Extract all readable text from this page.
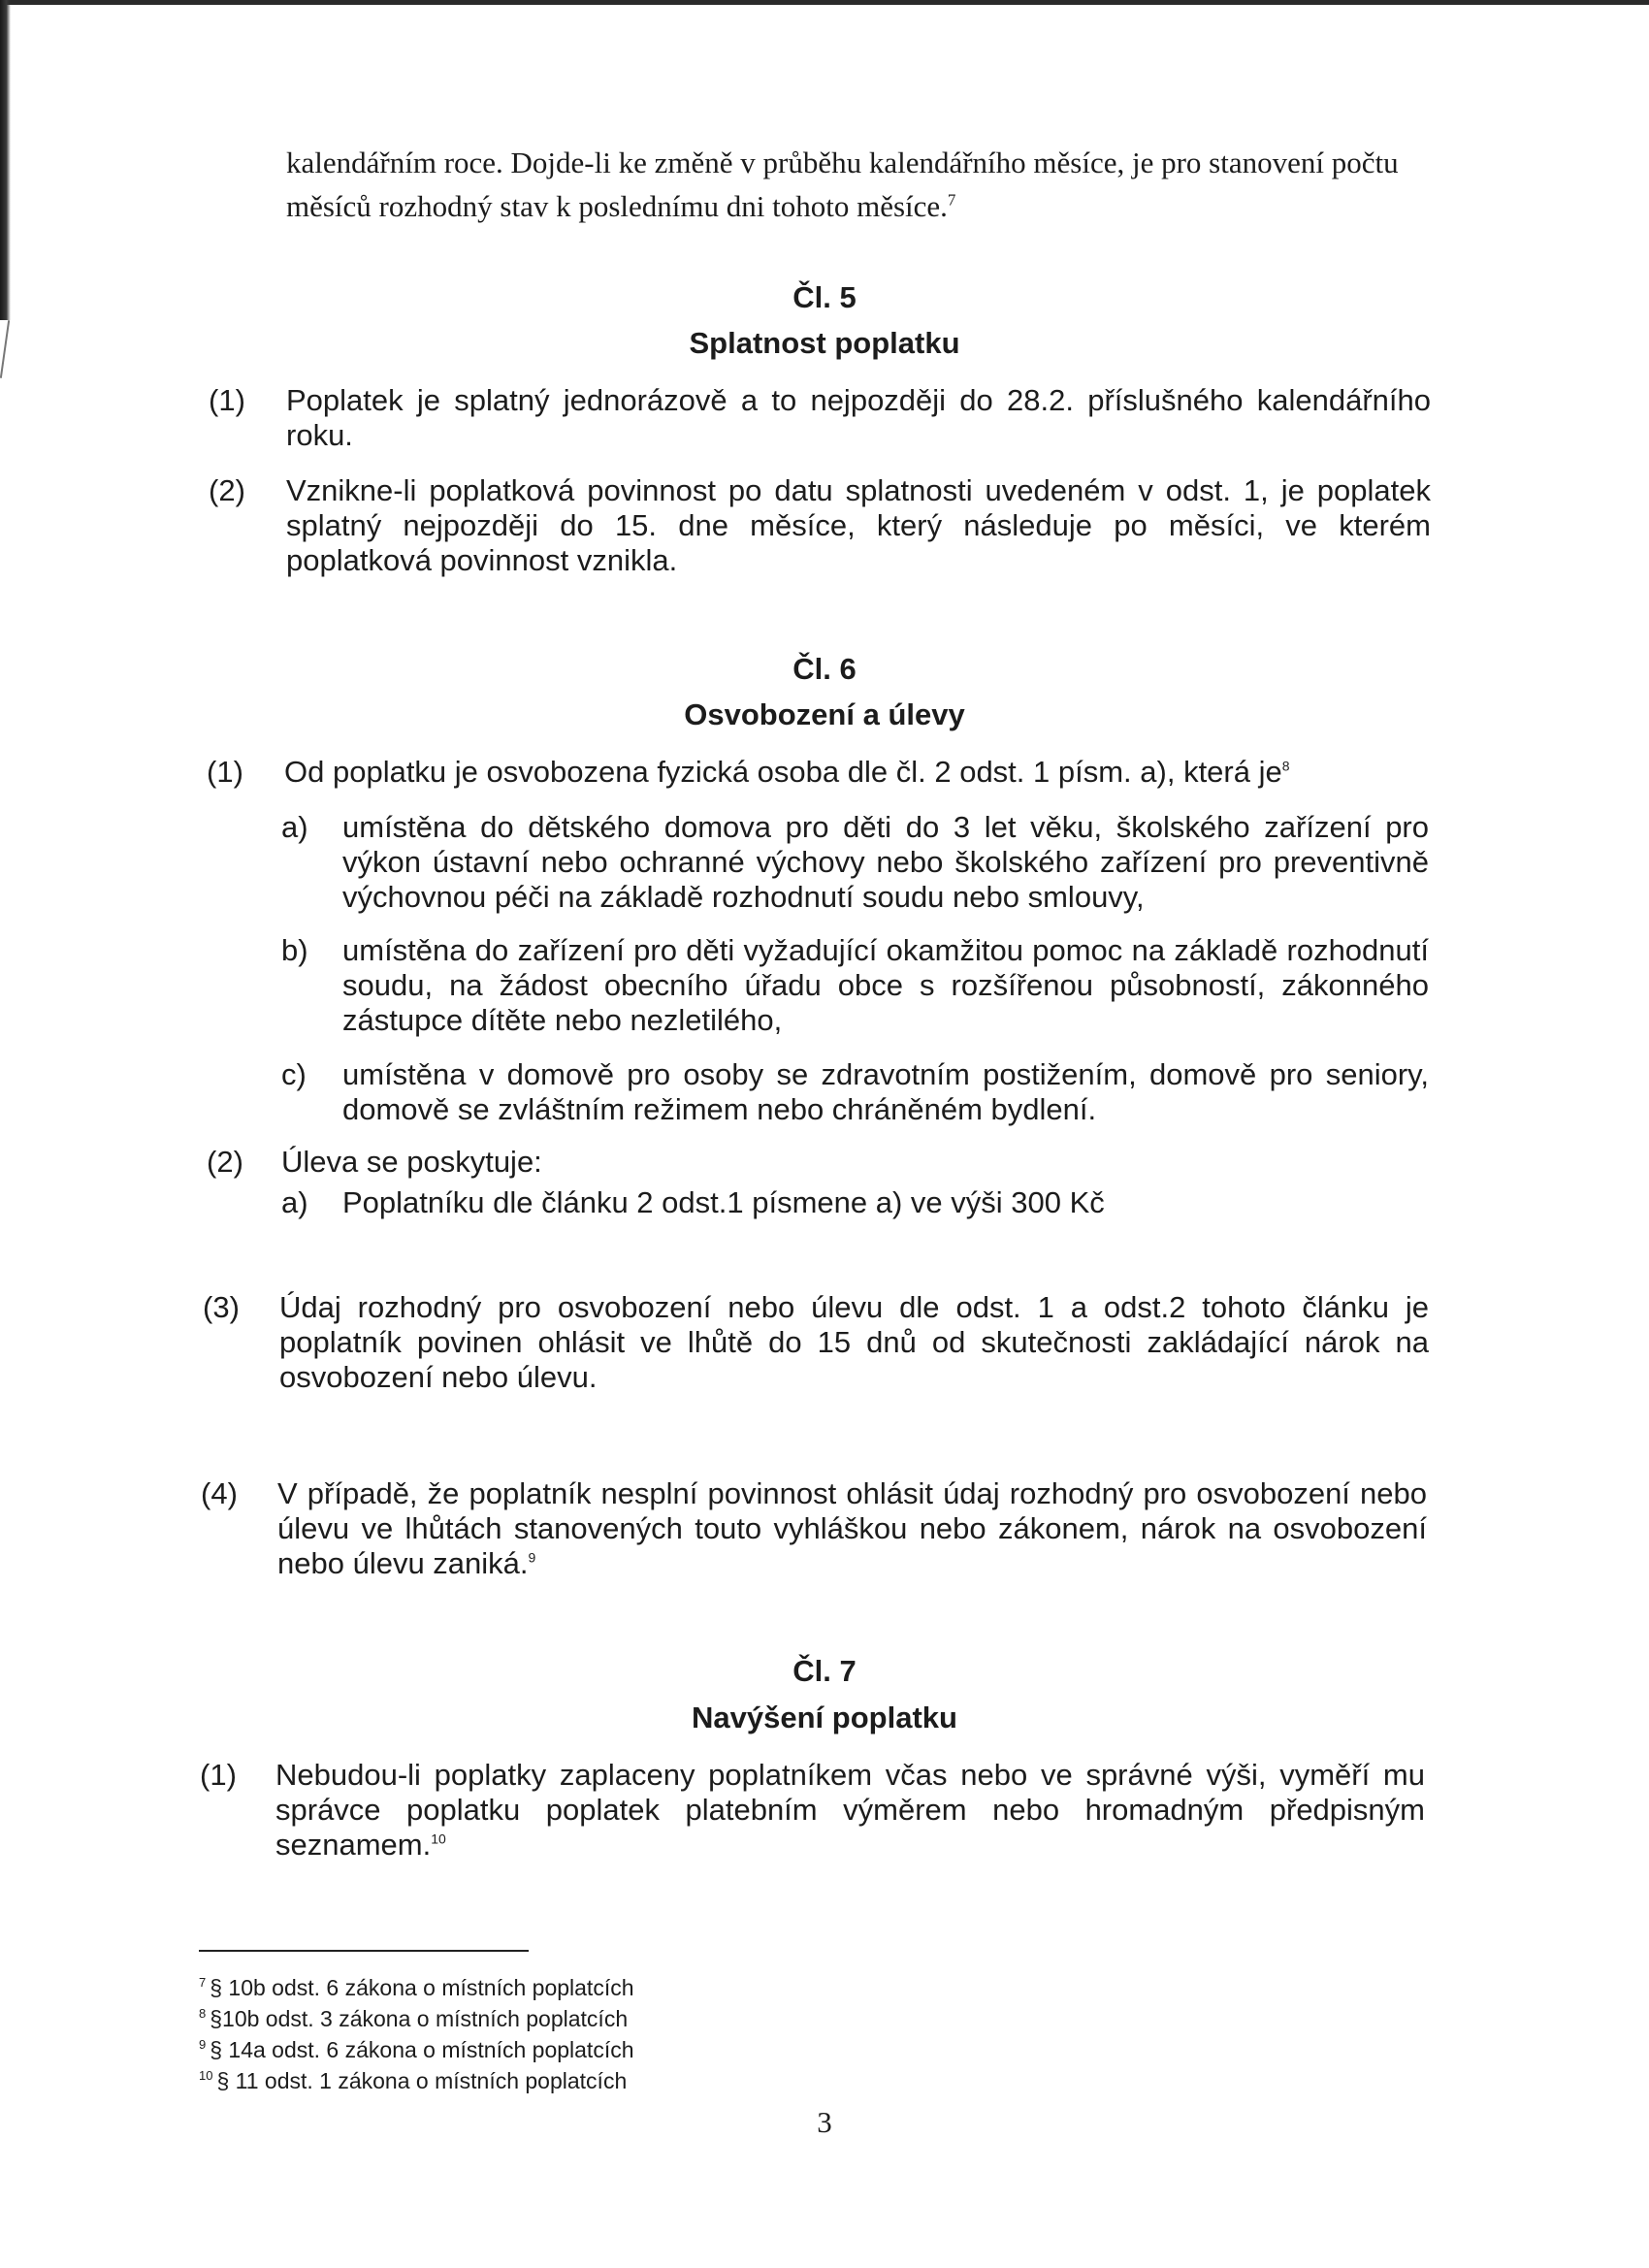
kalendářním roce. Dojde-li ke změně v průběhu kalendářního měsíce, je pro stanovení počtu měsíců rozhodný stav k poslednímu dni tohoto měsíce.$^7$
Čl. 5
Splatnost poplatku
(1)	Poplatek je splatný jednorázově a to nejpozději do 28.2. příslušného kalendářního roku.
(2)	Vznikne-li poplatková povinnost po datu splatnosti uvedeném v odst. 1, je poplatek splatný nejpozději do 15. dne měsíce, který následuje po měsíci, ve kterém poplatková povinnost vznikla.
Čl. 6
Osvobození a úlevy
(1)	Od poplatku je osvobozena fyzická osoba dle čl. 2 odst. 1 písm. a), která $je^8$
a)	umístěna do dětského domova pro děti do 3 let věku, školského zařízení pro výkon ústavní nebo ochranné výchovy nebo školského zařízení pro preventivně výchovnou péči na základě rozhodnutí soudu nebo smlouvy,
b)	umístěna do zařízení pro děti vyžadující okamžitou pomoc na základě rozhodnutí soudu, na žádost obecního úřadu obce s rozšířenou působností, zákonného zástupce dítěte nebo nezletilého,
c)	umístěna v domově pro osoby se zdravotním postižením, domově pro seniory, domově se zvláštním režimem nebo chráněném bydlení.
(2)	Úleva se poskytuje:
a)	Poplatníku dle článku 2 odst.1 písmene a) ve výši 300 Kč
(3)	Údaj rozhodný pro osvobození nebo úlevu dle odst. 1 a odst.2 tohoto článku je poplatník povinen ohlásit ve lhůtě do 15 dnů od skutečnosti zakládající nárok na osvobození nebo úlevu.
(4)	V případě, že poplatník nesplní povinnost ohlásit údaj rozhodný pro osvobození nebo úlevu ve lhůtách stanovených touto vyhláškou nebo zákonem, nárok na osvobození nebo úlevu zaniká.$^9$
Čl. 7
Navýšení poplatku
(1)	Nebudou-li poplatky zaplaceny poplatníkem včas nebo ve správné výši, vyměří mu správce poplatku poplatek platebním výměrem nebo hromadným předpisným seznamem.$^{10}$
$^7$ § 10b odst. 6 zákona o místních poplatcích
$^8$ §10b odst. 3 zákona o místních poplatcích
$^9$ § 14a odst. 6 zákona o místních poplatcích
$^{10}$ § 11 odst. 1 zákona o místních poplatcích
3
